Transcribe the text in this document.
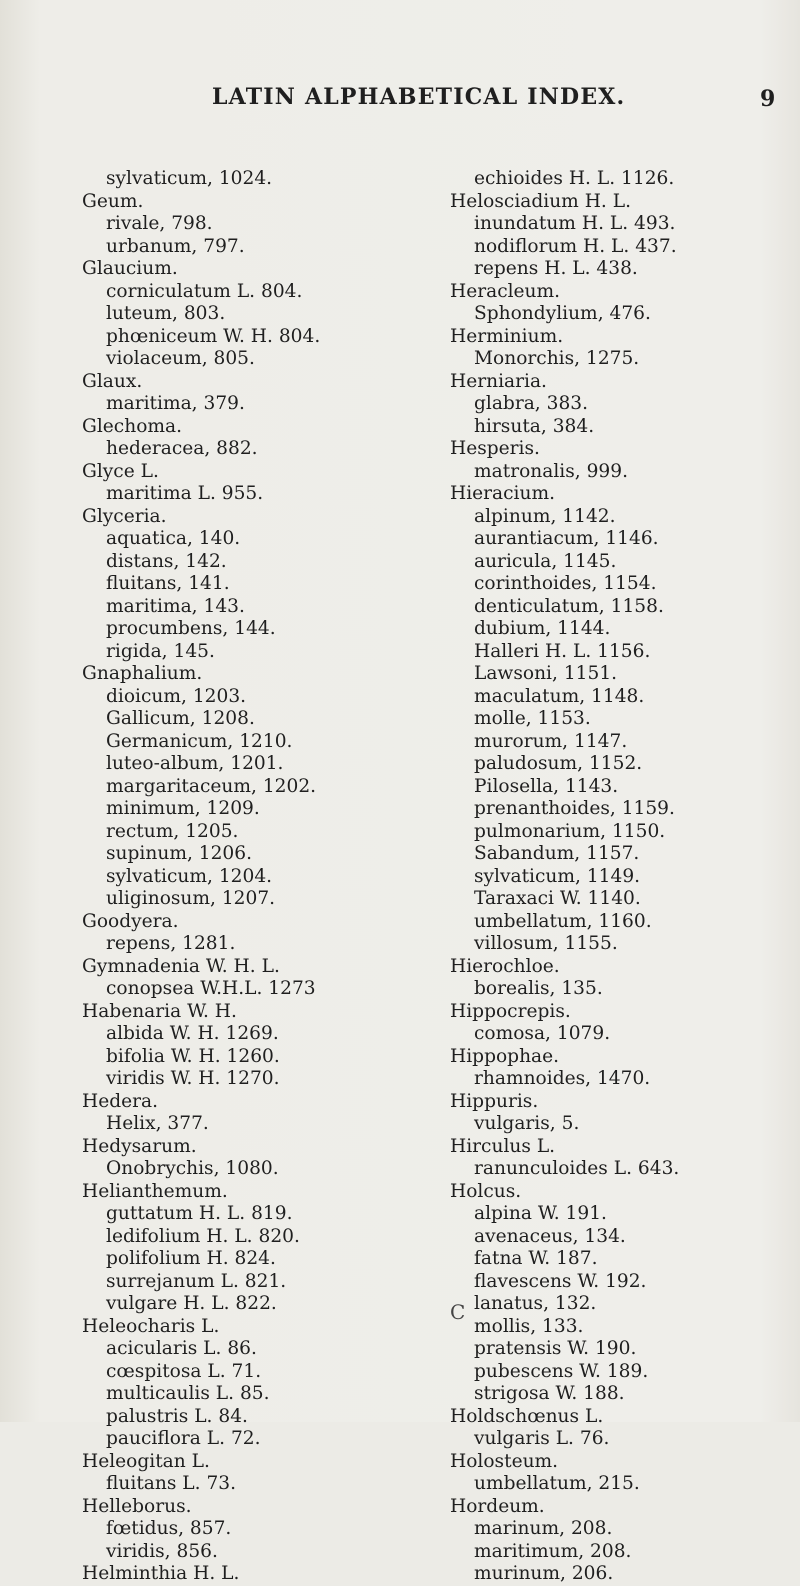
LATIN ALPHABETICAL INDEX.	9
sylvaticum, 1024.
Geum.
rivale, 798.
urbanum, 797.
Glaucium.
corniculatum L. 804.
luteum, 803.
phœniceum W. H. 804.
violaceum, 805.
Glaux.
maritima, 379.
Glechoma.
hederacea, 882.
Glyce L.
maritima L. 955.
Glyceria.
aquatica, 140.
distans, 142.
fluitans, 141.
maritima, 143.
procumbens, 144.
rigida, 145.
Gnaphalium.
dioicum, 1203.
Gallicum, 1208.
Germanicum, 1210.
luteo-album, 1201.
margaritaceum, 1202.
minimum, 1209.
rectum, 1205.
supinum, 1206.
sylvaticum, 1204.
uliginosum, 1207.
Goodyera.
repens, 1281.
Gymnadenia W. H. L.
conopsea W.H.L. 1273
Habenaria W. H.
albida W. H. 1269.
bifolia W. H. 1260.
viridis W. H. 1270.
Hedera.
Helix, 377.
Hedysarum.
Onobrychis, 1080.
Helianthemum.
guttatum H. L. 819.
ledifolium H. L. 820.
polifolium H. 824.
surrejanum L. 821.
vulgare H. L. 822.
Heleocharis L.
acicularis L. 86.
cœspitosa L. 71.
multicaulis L. 85.
palustris L. 84.
pauciflora L. 72.
Heleogitan L.
fluitans L. 73.
Helleborus.
fœtidus, 857.
viridis, 856.
Helminthia H. L.
echioides H. L. 1126.
Helosciadium H. L.
inundatum H. L. 493.
nodiflorum H. L. 437.
repens H. L. 438.
Heracleum.
Sphondylium, 476.
Herminium.
Monorchis, 1275.
Herniaria.
glabra, 383.
hirsuta, 384.
Hesperis.
matronalis, 999.
Hieracium.
alpinum, 1142.
aurantiacum, 1146.
auricula, 1145.
corinthoides, 1154.
denticulatum, 1158.
dubium, 1144.
Halleri H. L. 1156.
Lawsoni, 1151.
maculatum, 1148.
molle, 1153.
murorum, 1147.
paludosum, 1152.
Pilosella, 1143.
prenanthoides, 1159.
pulmonarium, 1150.
Sabandum, 1157.
sylvaticum, 1149.
Taraxaci W. 1140.
umbellatum, 1160.
villosum, 1155.
Hierochloe.
borealis, 135.
Hippocrepis.
comosa, 1079.
Hippophae.
rhamnoides, 1470.
Hippuris.
vulgaris, 5.
Hirculus L.
ranunculoides L. 643.
Holcus.
alpina W. 191.
avenaceus, 134.
fatna W. 187.
flavescens W. 192.
lanatus, 132.
mollis, 133.
pratensis W. 190.
pubescens W. 189.
strigosa W. 188.
Holdschœnus L.
vulgaris L. 76.
Holosteum.
umbellatum, 215.
Hordeum.
marinum, 208.
maritimum, 208.
murinum, 206.
C
